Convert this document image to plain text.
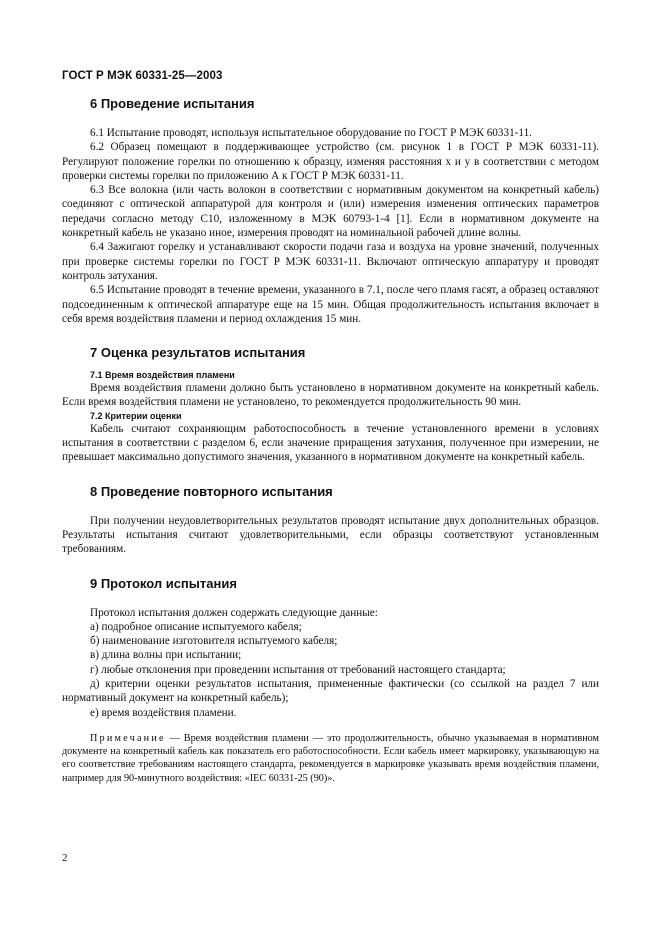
ГОСТ Р МЭК 60331-25—2003
6 Проведение испытания

6.1 Испытание проводят, используя испытательное оборудование по ГОСТ Р МЭК 60331-11.

6.2 Образец помещают в поддерживающее устройство (см. рисунок 1 в ГОСТ Р МЭК 60331-11). Регулируют положение горелки по отношению к образцу, изменяя расстояния x и y в соответствии с методом проверки системы горелки по приложению А к ГОСТ Р МЭК 60331-11.

6.3 Все волокна (или часть волокон в соответствии с нормативным документом на конкретный кабель) соединяют с оптической аппаратурой для контроля и (или) измерения изменения оптических параметров передачи согласно методу С10, изложенному в МЭК 60793-1-4 [1]. Если в нормативном документе на конкретный кабель не указано иное, измерения проводят на номинальной рабочей длине волны.

6.4 Зажигают горелку и устанавливают скорости подачи газа и воздуха на уровне значений, полученных при проверке системы горелки по ГОСТ Р МЭК 60331-11. Включают оптическую аппаратуру и проводят контроль затухания.

6.5 Испытание проводят в течение времени, указанного в 7.1, после чего пламя гасят, а образец оставляют подсоединенным к оптической аппаратуре еще на 15 мин. Общая продолжительность испытания включает в себя время воздействия пламени и период охлаждения 15 мин.

7 Оценка результатов испытания

7.1 Время воздействия пламени

Время воздействия пламени должно быть установлено в нормативном документе на конкретный кабель. Если время воздействия пламени не установлено, то рекомендуется продолжительность 90 мин.

7.2 Критерии оценки

Кабель считают сохраняющим работоспособность в течение установленного времени в условиях испытания в соответствии с разделом 6, если значение приращения затухания, полученное при измерении, не превышает максимально допустимого значения, указанного в нормативном документе на конкретный кабель.

8 Проведение повторного испытания

При получении неудовлетворительных результатов проводят испытание двух дополнительных образцов. Результаты испытания считают удовлетворительными, если образцы соответствуют установленным требованиям.

9 Протокол испытания

Протокол испытания должен содержать следующие данные:

а) подробное описание испытуемого кабеля;

б) наименование изготовителя испытуемого кабеля;

в) длина волны при испытании;

г) любые отклонения при проведении испытания от требований настоящего стандарта;

д) критерии оценки результатов испытания, примененные фактически (со ссылкой на раздел 7 или нормативный документ на конкретный кабель);

е) время воздействия пламени.

Примечание — Время воздействия пламени — это продолжительность, обычно указываемая в нормативном документе на конкретный кабель как показатель его работоспособности. Если кабель имеет маркировку, указывающую на его соответствие требованиям настоящего стандарта, рекомендуется в маркировке указывать время воздействия пламени, например для 90-минутного воздействия: «IEC 60331-25 (90)».

2
